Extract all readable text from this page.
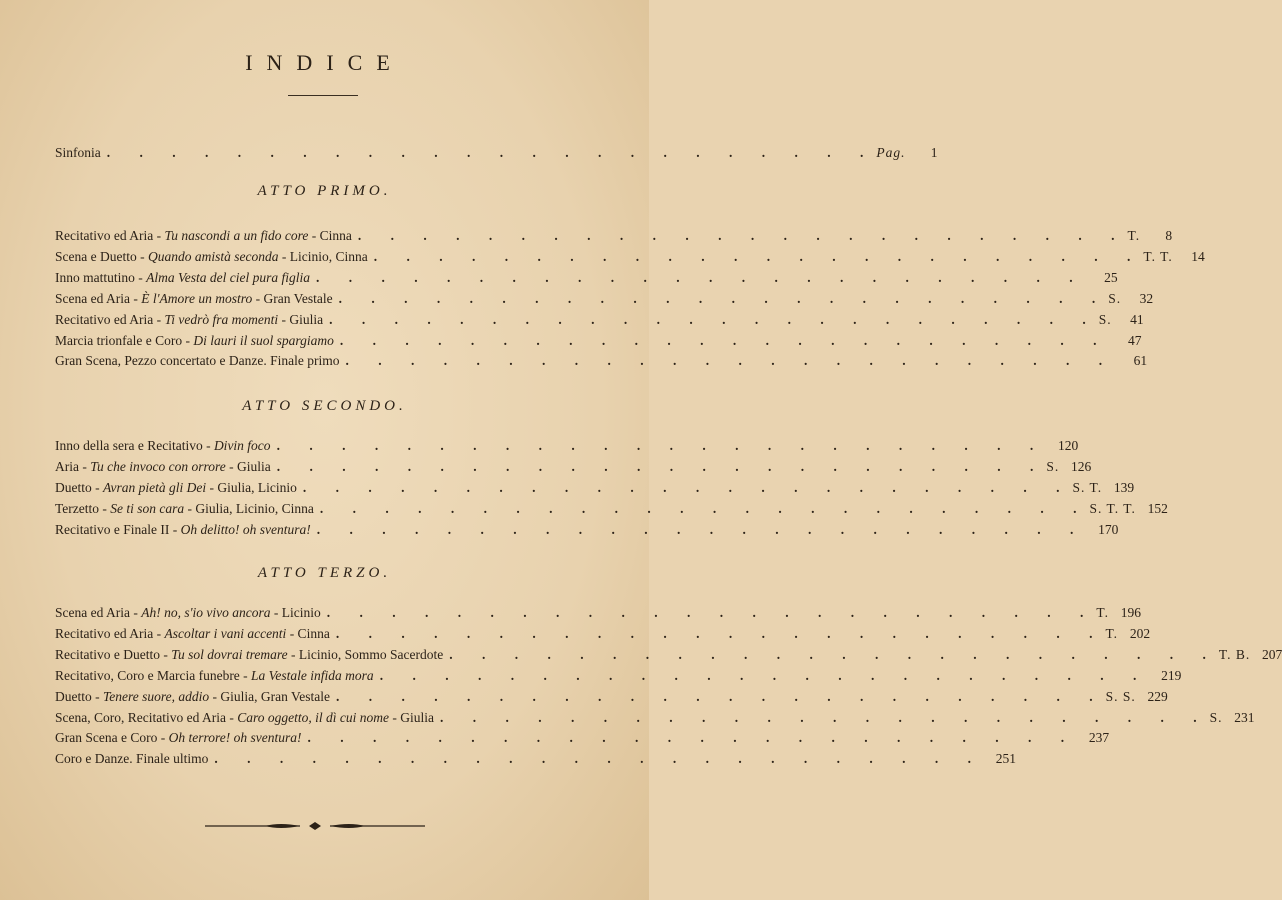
INDICE
Sinfonia . . . . . . . . . . . . . . . . . . . . . . . . Pag.	1
ATTO PRIMO.
Recitativo ed Aria - Tu nascondi a un fido core - Cinna . . . . . . . . . . . . . . . . . . . . . . . . T.	8
Scena e Duetto - Quando amistà seconda - Licinio, Cinna . . . . . . . . . . . . . . . . . . . . . . . . T. T.	14
Inno mattutino - Alma Vesta del ciel pura figlia . . . . . . . . . . . . . . . . . . . . . . . .	25
Scena ed Aria - È l'Amore un mostro - Gran Vestale . . . . . . . . . . . . . . . . . . . . . . . . S.	32
Recitativo ed Aria - Ti vedrò fra momenti - Giulia . . . . . . . . . . . . . . . . . . . . . . . . S.	41
Marcia trionfale e Coro - Di lauri il suol spargiamo . . . . . . . . . . . . . . . . . . . . . . . .	47
Gran Scena, Pezzo concertato e Danze. Finale primo . . . . . . . . . . . . . . . . . . . . . . . .	61
ATTO SECONDO.
Inno della sera e Recitativo - Divin foco . . . . . . . . . . . . . . . . . . . . . . . . 120
Aria - Tu che invoco con orrore - Giulia . . . . . . . . . . . . . . . . . . . . . . . . S. 126
Duetto - Avran pietà gli Dei - Giulia, Licinio . . . . . . . . . . . . . . . . . . . . . . . . S. T. 139
Terzetto - Se ti son cara - Giulia, Licinio, Cinna . . . . . . . . . . . . . . . . . . . . . . . . S. T. T. 152
Recitativo e Finale II - Oh delitto! oh sventura! . . . . . . . . . . . . . . . . . . . . . . . . 170
ATTO TERZO.
Scena ed Aria - Ah! no, s'io vivo ancora - Licinio . . . . . . . . . . . . . . . . . . . . . . . . T. 196
Recitativo ed Aria - Ascoltar i vani accenti - Cinna . . . . . . . . . . . . . . . . . . . . . . . . T. 202
Recitativo e Duetto - Tu sol dovrai tremare - Licinio, Sommo Sacerdote . . . . . . . . . . . . . . . . . . . . . . . . T. B. 207
Recitativo, Coro e Marcia funebre - La Vestale infida mora . . . . . . . . . . . . . . . . . . . . . . . . 219
Duetto - Tenere suore, addio - Giulia, Gran Vestale . . . . . . . . . . . . . . . . . . . . . . . . S. S. 229
Scena, Coro, Recitativo ed Aria - Caro oggetto, il dì cui nome - Giulia . . . . . . . . . . . . . . . . . . . . . . . . S. 231
Gran Scena e Coro - Oh terrore! oh sventura! . . . . . . . . . . . . . . . . . . . . . . . . 237
Coro e Danze. Finale ultimo . . . . . . . . . . . . . . . . . . . . . . . . 251
